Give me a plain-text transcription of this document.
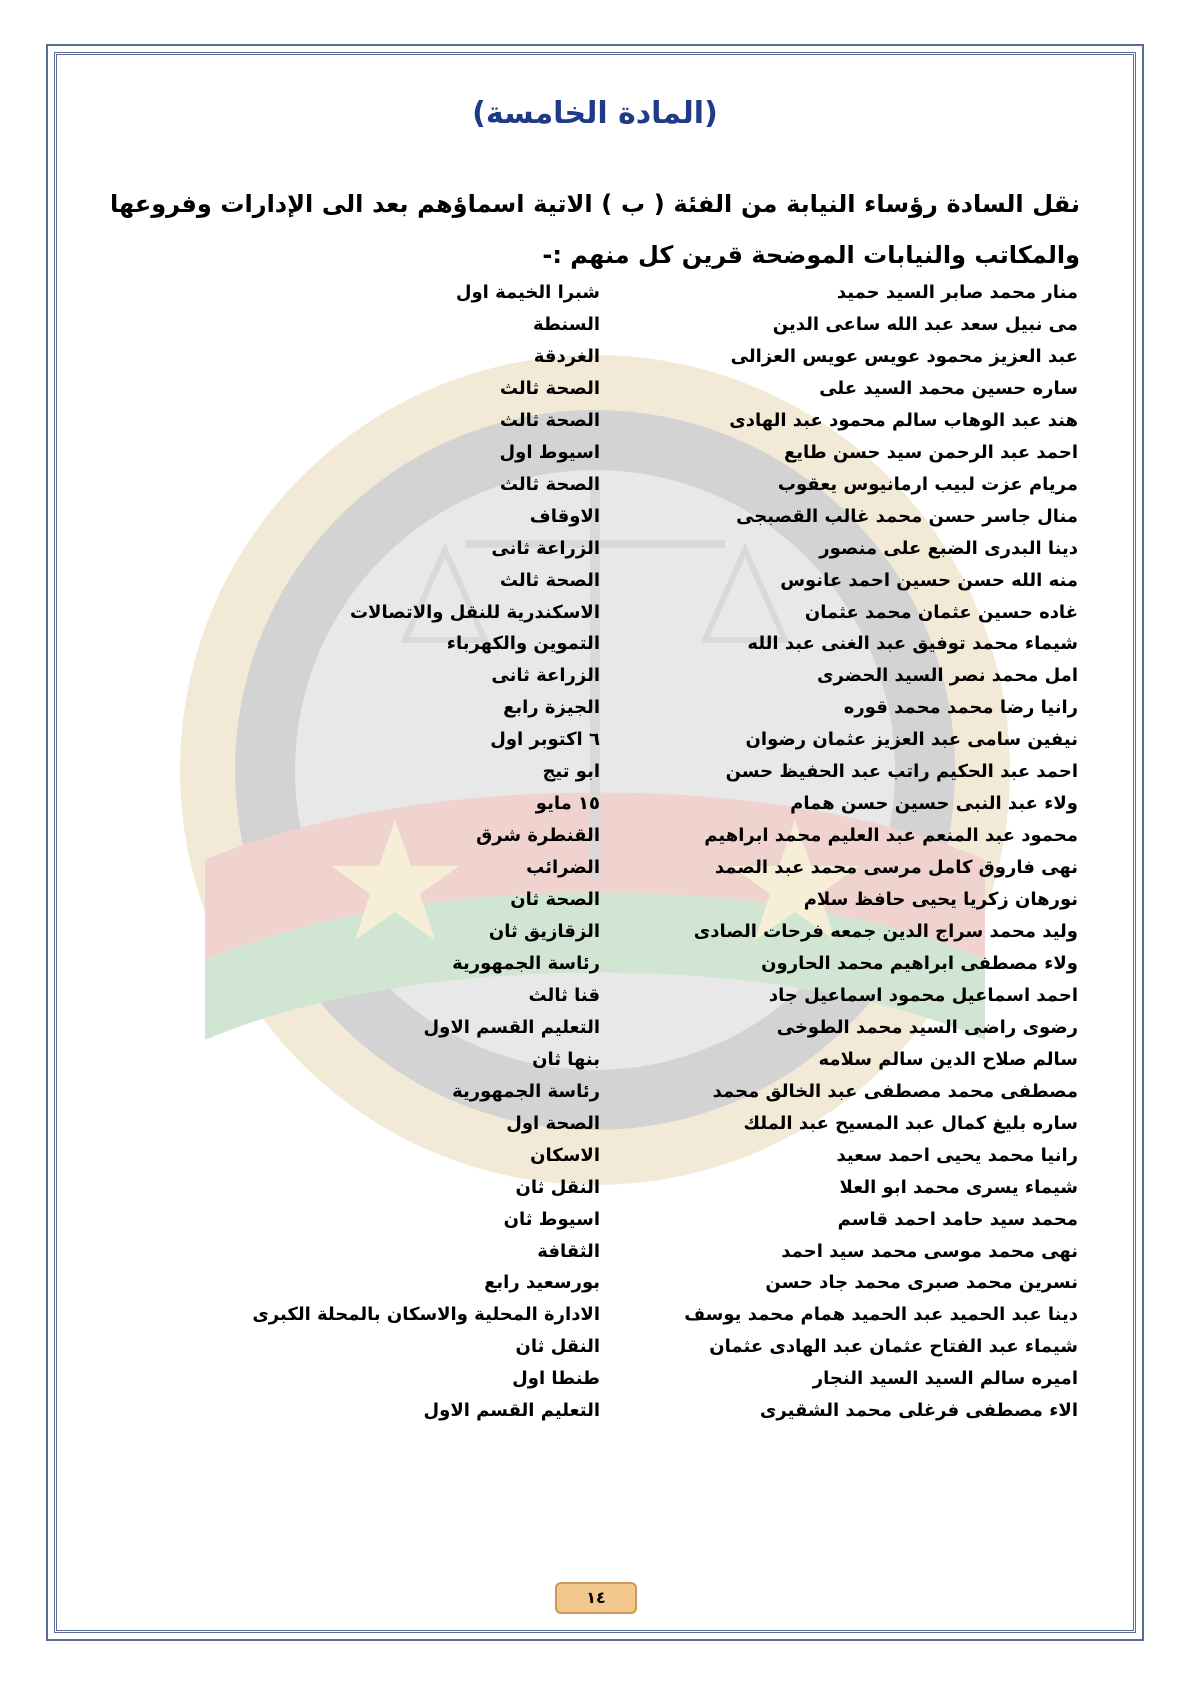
(المادة الخامسة)
نقل السادة رؤساء النيابة من الفئة ( ب ) الاتية اسماؤهم بعد الى الإدارات وفروعها
والمكاتب والنيابات الموضحة قرين كل منهم :-
منار محمد صابر السيد حميد
شبرا الخيمة اول
مى نبيل سعد عبد الله ساعى الدين
السنطة
عبد العزيز محمود عويس عويس العزالى
الغردقة
ساره حسين محمد السيد على
الصحة ثالث
هند عبد الوهاب سالم محمود عبد الهادى
الصحة ثالث
احمد عبد الرحمن سيد حسن طايع
اسيوط اول
مريام عزت لبيب ارمانيوس يعقوب
الصحة ثالث
منال جاسر حسن محمد غالب القصبجى
الاوقاف
دينا البدرى الضبع على منصور
الزراعة ثانى
منه الله حسن حسين احمد عانوس
الصحة ثالث
غاده حسين عثمان محمد عثمان
الاسكندرية للنقل والاتصالات
شيماء محمد توفيق عبد الغنى عبد الله
التموين والكهرباء
امل محمد نصر السيد الحضرى
الزراعة ثانى
رانيا رضا محمد محمد قوره
الجيزة رابع
نيفين سامى عبد العزيز عثمان رضوان
٦ اكتوبر اول
احمد عبد الحكيم راتب عبد الحفيظ حسن
ابو تيج
ولاء عبد النبى حسين حسن همام
١٥ مايو
محمود عبد المنعم عبد العليم محمد ابراهيم
القنطرة شرق
نهى فاروق كامل مرسى محمد عبد الصمد
الضرائب
نورهان زكريا يحيى حافظ سلام
الصحة ثان
وليد محمد سراج الدين جمعه فرحات الصادى
الزقازيق ثان
ولاء مصطفى ابراهيم محمد الحارون
رئاسة الجمهورية
احمد اسماعيل محمود اسماعيل جاد
قنا ثالث
رضوى راضى السيد محمد الطوخى
التعليم القسم الاول
سالم صلاح الدين سالم سلامه
بنها ثان
مصطفى محمد مصطفى عبد الخالق محمد
رئاسة الجمهورية
ساره بليغ كمال عبد المسيح عبد الملك
الصحة اول
رانيا محمد يحيى احمد سعيد
الاسكان
شيماء يسرى محمد ابو العلا
النقل ثان
محمد سيد حامد احمد قاسم
اسيوط ثان
نهى محمد موسى محمد سيد احمد
الثقافة
نسرين محمد صبرى محمد جاد حسن
بورسعيد رابع
دينا عبد الحميد عبد الحميد همام محمد يوسف
الادارة المحلية والاسكان بالمحلة الكبرى
شيماء عبد الفتاح عثمان عبد الهادى عثمان
النقل ثان
اميره سالم السيد السيد النجار
طنطا اول
الاء مصطفى فرغلى محمد الشقيرى
التعليم القسم الاول
١٤
